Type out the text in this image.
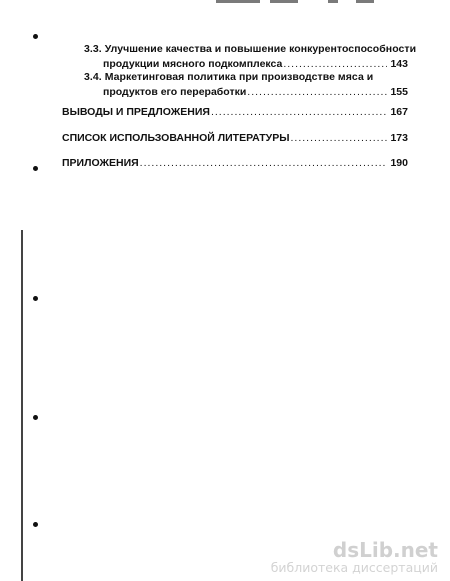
3.3. Улучшение качества и повышение конкурентоспособности
продукции мясного подкомплекса .....	143
3.4. Маркетинговая политика при производстве мяса и
продуктов его переработки .....	155
ВЫВОДЫ И ПРЕДЛОЖЕНИЯ .....	167
СПИСОК ИСПОЛЬЗОВАННОЙ ЛИТЕРАТУРЫ .....	173
ПРИЛОЖЕНИЯ .....	190
dsLib.net
библиотека диссертаций
